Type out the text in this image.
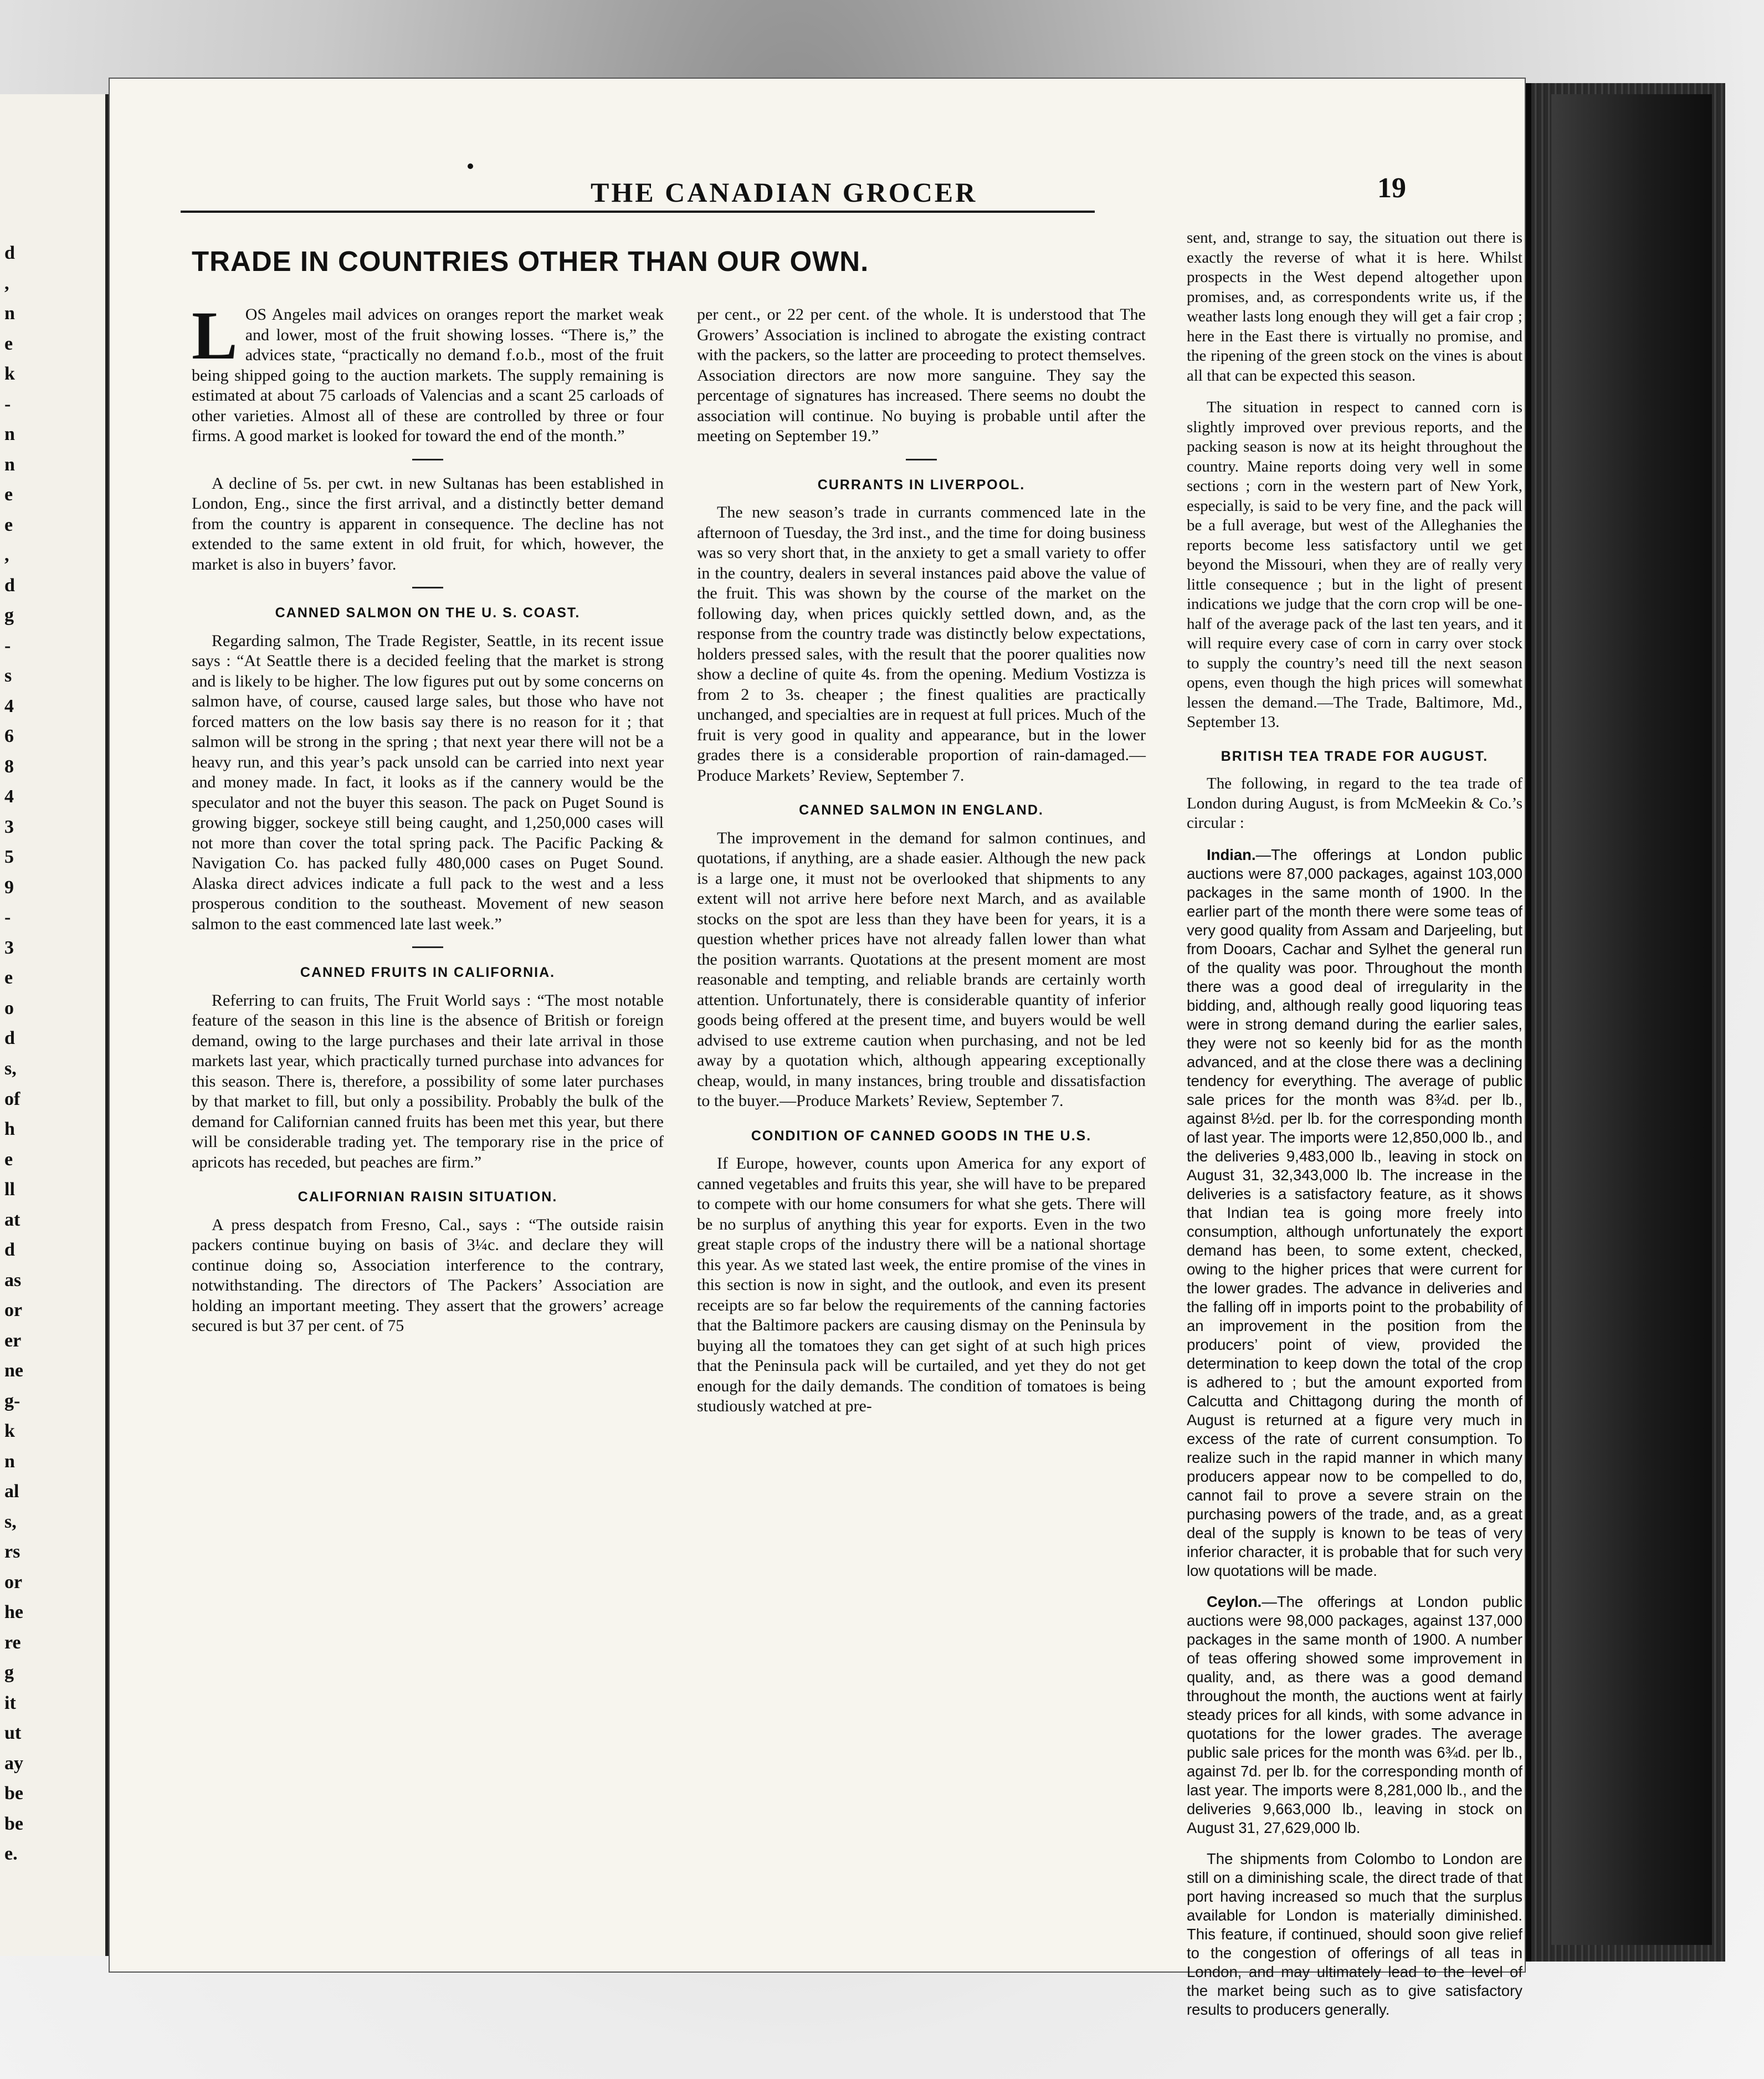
d
,
n
e
k
-
n
n
e
e
,
d
g
-
s
4
6
8
4
3
5
9
-
3
e
o
d
s,
of
h
e
ll
at
d
as
or
er
ne
g-
k
n
al
s,
rs
or
he
re
g
it
ut
ay
be
be
e.
THE CANADIAN GROCER	19
TRADE IN COUNTRIES OTHER THAN OUR OWN.

LOS Angeles mail advices on oranges report the market weak and lower, most of the fruit showing losses. “There is,” the advices state, “practically no demand f.o.b., most of the fruit being shipped going to the auction markets. The supply remaining is estimated at about 75 carloads of Valencias and a scant 25 carloads of other varieties. Almost all of these are controlled by three or four firms. A good market is looked for toward the end of the month.”

A decline of 5s. per cwt. in new Sultanas has been established in London, Eng., since the first arrival, and a distinctly better demand from the country is apparent in consequence. The decline has not extended to the same extent in old fruit, for which, however, the market is also in buyers’ favor.

CANNED SALMON ON THE U. S. COAST.

Regarding salmon, The Trade Register, Seattle, in its recent issue says : “At Seattle there is a decided feeling that the market is strong and is likely to be higher. The low figures put out by some concerns on salmon have, of course, caused large sales, but those who have not forced matters on the low basis say there is no reason for it ; that salmon will be strong in the spring ; that next year there will not be a heavy run, and this year’s pack unsold can be carried into next year and money made. In fact, it looks as if the cannery would be the speculator and not the buyer this season. The pack on Puget Sound is growing bigger, sockeye still being caught, and 1,250,000 cases will not more than cover the total spring pack. The Pacific Packing & Navigation Co. has packed fully 480,000 cases on Puget Sound. Alaska direct advices indicate a full pack to the west and a less prosperous condition to the southeast. Movement of new season salmon to the east commenced late last week.”

CANNED FRUITS IN CALIFORNIA.

Referring to can fruits, The Fruit World says : “The most notable feature of the season in this line is the absence of British or foreign demand, owing to the large purchases and their late arrival in those markets last year, which practically turned purchase into advances for this season. There is, therefore, a possibility of some later purchases by that market to fill, but only a possibility. Probably the bulk of the demand for Californian canned fruits has been met this year, but there will be considerable trading yet. The temporary rise in the price of apricots has receded, but peaches are firm.”

CALIFORNIAN RAISIN SITUATION.

A press despatch from Fresno, Cal., says : “The outside raisin packers continue buying on basis of 3¼c. and declare they will continue doing so, Association interference to the contrary, notwithstanding. The directors of The Packers’ Association are holding an important meeting. They assert that the growers’ acreage secured is but 37 per cent. of 75

per cent., or 22 per cent. of the whole. It is understood that The Growers’ Association is inclined to abrogate the existing contract with the packers, so the latter are proceeding to protect themselves. Association directors are now more sanguine. They say the percentage of signatures has increased. There seems no doubt the association will continue. No buying is probable until after the meeting on September 19.”

CURRANTS IN LIVERPOOL.

The new season’s trade in currants commenced late in the afternoon of Tuesday, the 3rd inst., and the time for doing business was so very short that, in the anxiety to get a small variety to offer in the country, dealers in several instances paid above the value of the fruit. This was shown by the course of the market on the following day, when prices quickly settled down, and, as the response from the country trade was distinctly below expectations, holders pressed sales, with the result that the poorer qualities now show a decline of quite 4s. from the opening. Medium Vostizza is from 2 to 3s. cheaper ; the finest qualities are practically unchanged, and specialties are in request at full prices. Much of the fruit is very good in quality and appearance, but in the lower grades there is a considerable proportion of rain-damaged.—Produce Markets’ Review, September 7.

CANNED SALMON IN ENGLAND.

The improvement in the demand for salmon continues, and quotations, if anything, are a shade easier. Although the new pack is a large one, it must not be overlooked that shipments to any extent will not arrive here before next March, and as available stocks on the spot are less than they have been for years, it is a question whether prices have not already fallen lower than what the position warrants. Quotations at the present moment are most reasonable and tempting, and reliable brands are certainly worth attention. Unfortunately, there is considerable quantity of inferior goods being offered at the present time, and buyers would be well advised to use extreme caution when purchasing, and not be led away by a quotation which, although appearing exceptionally cheap, would, in many instances, bring trouble and dissatisfaction to the buyer.—Produce Markets’ Review, September 7.

CONDITION OF CANNED GOODS IN THE U.S.

If Europe, however, counts upon America for any export of canned vegetables and fruits this year, she will have to be prepared to compete with our home consumers for what she gets. There will be no surplus of anything this year for exports. Even in the two great staple crops of the industry there will be a national shortage this year. As we stated last week, the entire promise of the vines in this section is now in sight, and the outlook, and even its present receipts are so far below the requirements of the canning factories that the Baltimore packers are causing dismay on the Peninsula by buying all the tomatoes they can get sight of at such high prices that the Peninsula pack will be curtailed, and yet they do not get enough for the daily demands. The condition of tomatoes is being studiously watched at pre-

sent, and, strange to say, the situation out there is exactly the reverse of what it is here. Whilst prospects in the West depend altogether upon promises, and, as correspondents write us, if the weather lasts long enough they will get a fair crop ; here in the East there is virtually no promise, and the ripening of the green stock on the vines is about all that can be expected this season.

The situation in respect to canned corn is slightly improved over previous reports, and the packing season is now at its height throughout the country. Maine reports doing very well in some sections ; corn in the western part of New York, especially, is said to be very fine, and the pack will be a full average, but west of the Alleghanies the reports become less satisfactory until we get beyond the Missouri, when they are of really very little consequence ; but in the light of present indications we judge that the corn crop will be one-half of the average pack of the last ten years, and it will require every case of corn in carry over stock to supply the country’s need till the next season opens, even though the high prices will somewhat lessen the demand.—The Trade, Baltimore, Md., September 13.

BRITISH TEA TRADE FOR AUGUST.

The following, in regard to the tea trade of London during August, is from McMeekin & Co.’s circular :

Indian.—The offerings at London public auctions were 87,000 packages, against 103,000 packages in the same month of 1900. In the earlier part of the month there were some teas of very good quality from Assam and Darjeeling, but from Dooars, Cachar and Sylhet the general run of the quality was poor. Throughout the month there was a good deal of irregularity in the bidding, and, although really good liquoring teas were in strong demand during the earlier sales, they were not so keenly bid for as the month advanced, and at the close there was a declining tendency for everything. The average of public sale prices for the month was 8¾d. per lb., against 8½d. per lb. for the corresponding month of last year. The imports were 12,850,000 lb., and the deliveries 9,483,000 lb., leaving in stock on August 31, 32,343,000 lb. The increase in the deliveries is a satisfactory feature, as it shows that Indian tea is going more freely into consumption, although unfortunately the export demand has been, to some extent, checked, owing to the higher prices that were current for the lower grades. The advance in deliveries and the falling off in imports point to the probability of an improvement in the position from the producers’ point of view, provided the determination to keep down the total of the crop is adhered to ; but the amount exported from Calcutta and Chittagong during the month of August is returned at a figure very much in excess of the rate of current consumption. To realize such in the rapid manner in which many producers appear now to be compelled to do, cannot fail to prove a severe strain on the purchasing powers of the trade, and, as a great deal of the supply is known to be teas of very inferior character, it is probable that for such very low quotations will be made.

Ceylon.—The offerings at London public auctions were 98,000 packages, against 137,000 packages in the same month of 1900. A number of teas offering showed some improvement in quality, and, as there was a good demand throughout the month, the auctions went at fairly steady prices for all kinds, with some advance in quotations for the lower grades. The average public sale prices for the month was 6¾d. per lb., against 7d. per lb. for the corresponding month of last year. The imports were 8,281,000 lb., and the deliveries 9,663,000 lb., leaving in stock on August 31, 27,629,000 lb.

The shipments from Colombo to London are still on a diminishing scale, the direct trade of that port having increased so much that the surplus available for London is materially diminished. This feature, if continued, should soon give relief to the congestion of offerings of all teas in London, and may ultimately lead to the level of the market being such as to give satisfactory results to producers generally.
